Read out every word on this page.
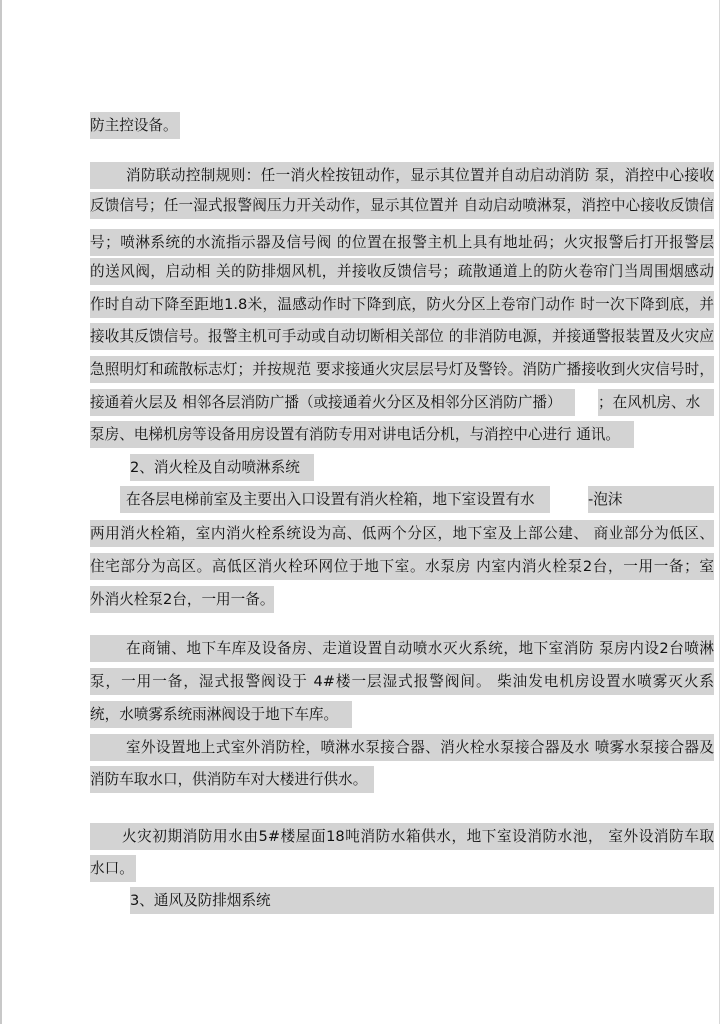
防主控设备。
消防联动控制规则：任一消火栓按钮动作，显示其位置并自动启动消防 泵，消控中心接收
反馈信号；任一湿式报警阀压力开关动作，显示其位置并 自动启动喷淋泵，消控中心接收反馈信
号；喷淋系统的水流指示器及信号阀 的位置在报警主机上具有地址码；火灾报警后打开报警层
的送风阀，启动相 关的防排烟风机，并接收反馈信号；疏散通道上的防火卷帘门当周围烟感动
作时自动下降至距地1.8米，温感动作时下降到底，防火分区上卷帘门动作 时一次下降到底，并
接收其反馈信号。报警主机可手动或自动切断相关部位 的非消防电源，并接通警报装置及火灾应
急照明灯和疏散标志灯；并按规范 要求接通火灾层层号灯及警铃。消防广播接收到火灾信号时，
接通着火层及 相邻各层消防广播（或接通着火分区及相邻分区消防广播）	；在风机房、水
泵房、电梯机房等设备用房设置有消防专用对讲电话分机，与消控中心进行 通讯。
2、消火栓及自动喷淋系统
在各层电梯前室及主要出入口设置有消火栓箱，地下室设置有水	-泡沫
两用消火栓箱，室内消火栓系统设为高、低两个分区，地下室及上部公建、 商业部分为低区、
住宅部分为高区。高低区消火栓环网位于地下室。水泵房 内室内消火栓泵2台，一用一备；室
外消火栓泵2台，一用一备。
在商铺、地下车库及设备房、走道设置自动喷水灭火系统，地下室消防 泵房内设2台喷淋
泵，一用一备，湿式报警阀设于 4#楼一层湿式报警阀间。 柴油发电机房设置水喷雾灭火系
统，水喷雾系统雨淋阀设于地下车库。
室外设置地上式室外消防栓，喷淋水泵接合器、消火栓水泵接合器及水 喷雾水泵接合器及
消防车取水口，供消防车对大楼进行供水。
火灾初期消防用水由5#楼屋面18吨消防水箱供水，地下室设消防水池， 室外设消防车取
水口。
3、通风及防排烟系统
